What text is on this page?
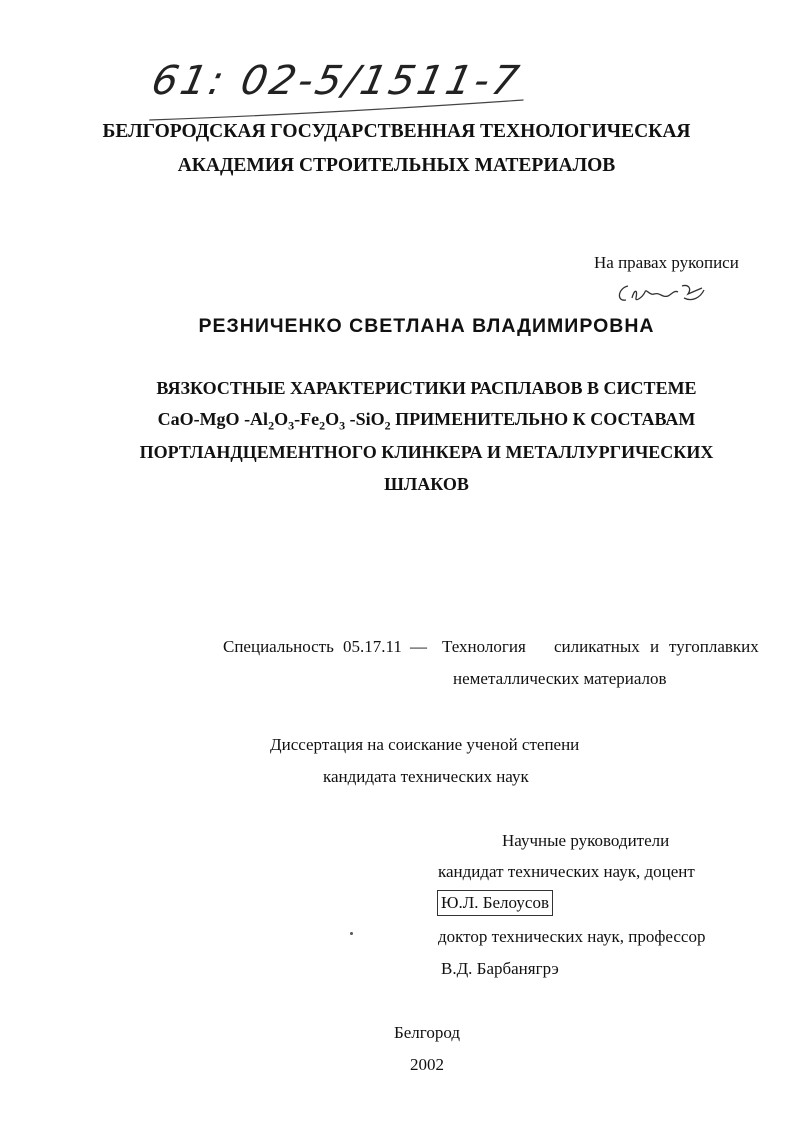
61: 02-5/1511-7
БЕЛГОРОДСКАЯ ГОСУДАРСТВЕННАЯ ТЕХНОЛОГИЧЕСКАЯ
АКАДЕМИЯ СТРОИТЕЛЬНЫХ МАТЕРИАЛОВ
На правах рукописи
РЕЗНИЧЕНКО СВЕТЛАНА ВЛАДИМИРОВНА
ВЯЗКОСТНЫЕ ХАРАКТЕРИСТИКИ РАСПЛАВОВ В СИСТЕМЕ
CaO-MgO $-Al_2O_3-Fe_2O_3$ -SiO$_2$ ПРИМЕНИТЕЛЬНО К СОСТАВАМ
ПОРТЛАНДЦЕМЕНТНОГО КЛИНКЕРА И МЕТАЛЛУРГИЧЕСКИХ
ШЛАКОВ
Специальность 05.17.11 — Технология силикатных и тугоплавких
неметаллических материалов
Диссертация на соискание ученой степени
кандидата технических наук
Научные руководители
кандидат технических наук, доцент
Ю.Л. Белоусов
доктор технических наук, профессор
В.Д. Барбанягрэ
Белгород
2002
